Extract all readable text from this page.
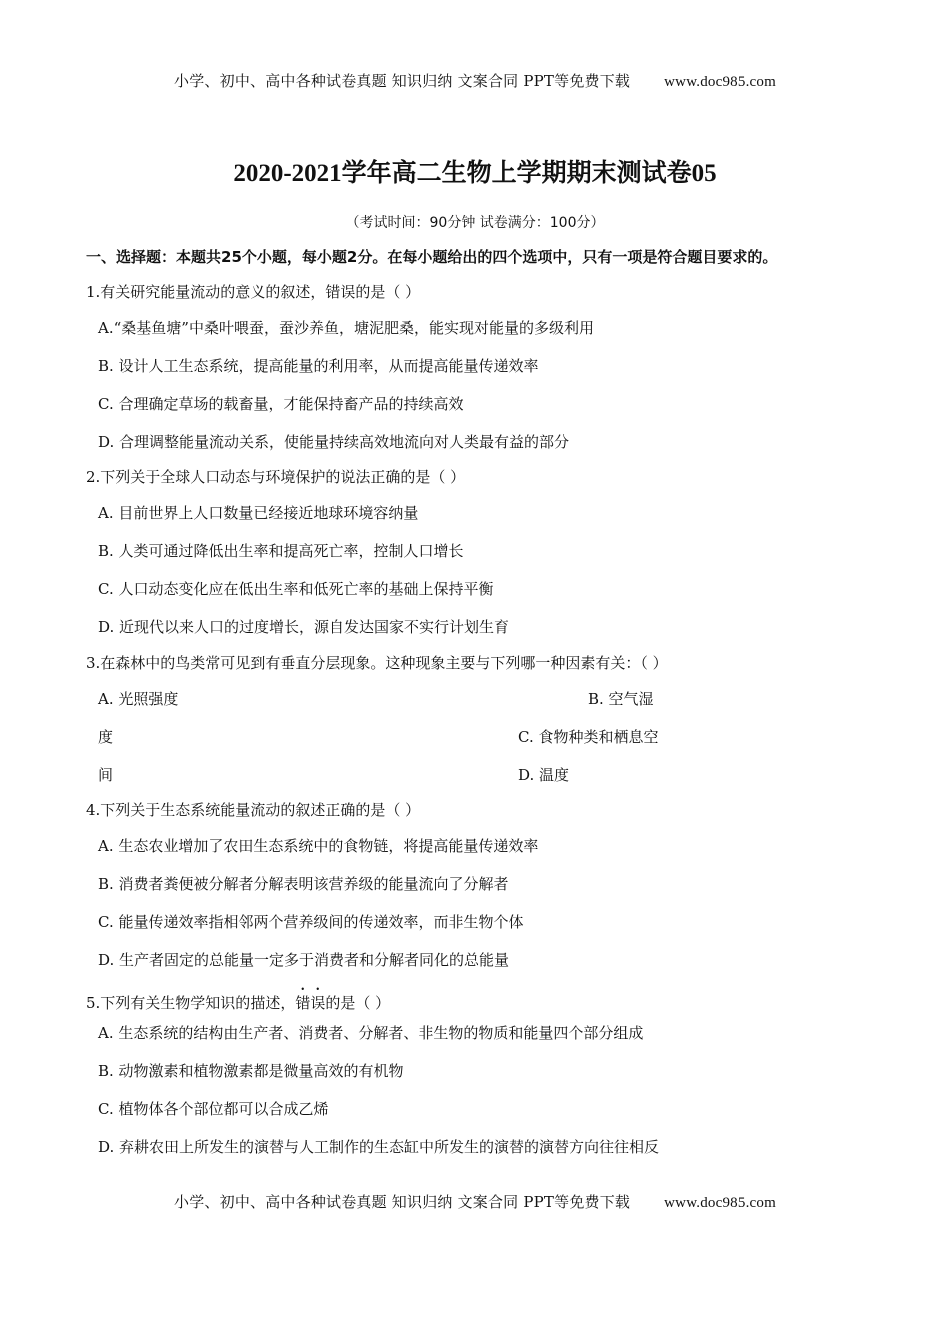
小学、初中、高中各种试卷真题 知识归纳 文案合同 PPT等免费下载 www.doc985.com
2020-2021学年高二生物上学期期末测试卷05
（考试时间：90分钟 试卷满分：100分）
一、选择题：本题共25个小题，每小题2分。在每小题给出的四个选项中，只有一项是符合题目要求的。
1.有关研究能量流动的意义的叙述，错误的是（ ）
A.“桑基鱼塘”中桑叶喂蚕，蚕沙养鱼，塘泥肥桑，能实现对能量的多级利用
B. 设计人工生态系统，提高能量的利用率，从而提高能量传递效率
C. 合理确定草场的载畜量，才能保持畜产品的持续高效
D. 合理调整能量流动关系，使能量持续高效地流向对人类最有益的部分
2.下列关于全球人口动态与环境保护的说法正确的是（ ）
A. 目前世界上人口数量已经接近地球环境容纳量
B. 人类可通过降低出生率和提高死亡率，控制人口增长
C. 人口动态变化应在低出生率和低死亡率的基础上保持平衡
D. 近现代以来人口的过度增长，源自发达国家不实行计划生育
3.在森林中的鸟类常可见到有垂直分层现象。这种现象主要与下列哪一种因素有关：（ ）
A. 光照强度	B. 空气湿
度	C. 食物种类和栖息空
间	D. 温度
4.下列关于生态系统能量流动的叙述正确的是（ ）
A. 生态农业增加了农田生态系统中的食物链，将提高能量传递效率
B. 消费者粪便被分解者分解表明该营养级的能量流向了分解者
C. 能量传递效率指相邻两个营养级间的传递效率，而非生物个体
D. 生产者固定的总能量一定多于消费者和分解者同化的总能量
5.下列有关生物学知识的描述，错误的是（ ）
A. 生态系统的结构由生产者、消费者、分解者、非生物的物质和能量四个部分组成
B. 动物激素和植物激素都是微量高效的有机物
C. 植物体各个部位都可以合成乙烯
D. 弃耕农田上所发生的演替与人工制作的生态缸中所发生的演替的演替方向往往相反
小学、初中、高中各种试卷真题 知识归纳 文案合同 PPT等免费下载 www.doc985.com
